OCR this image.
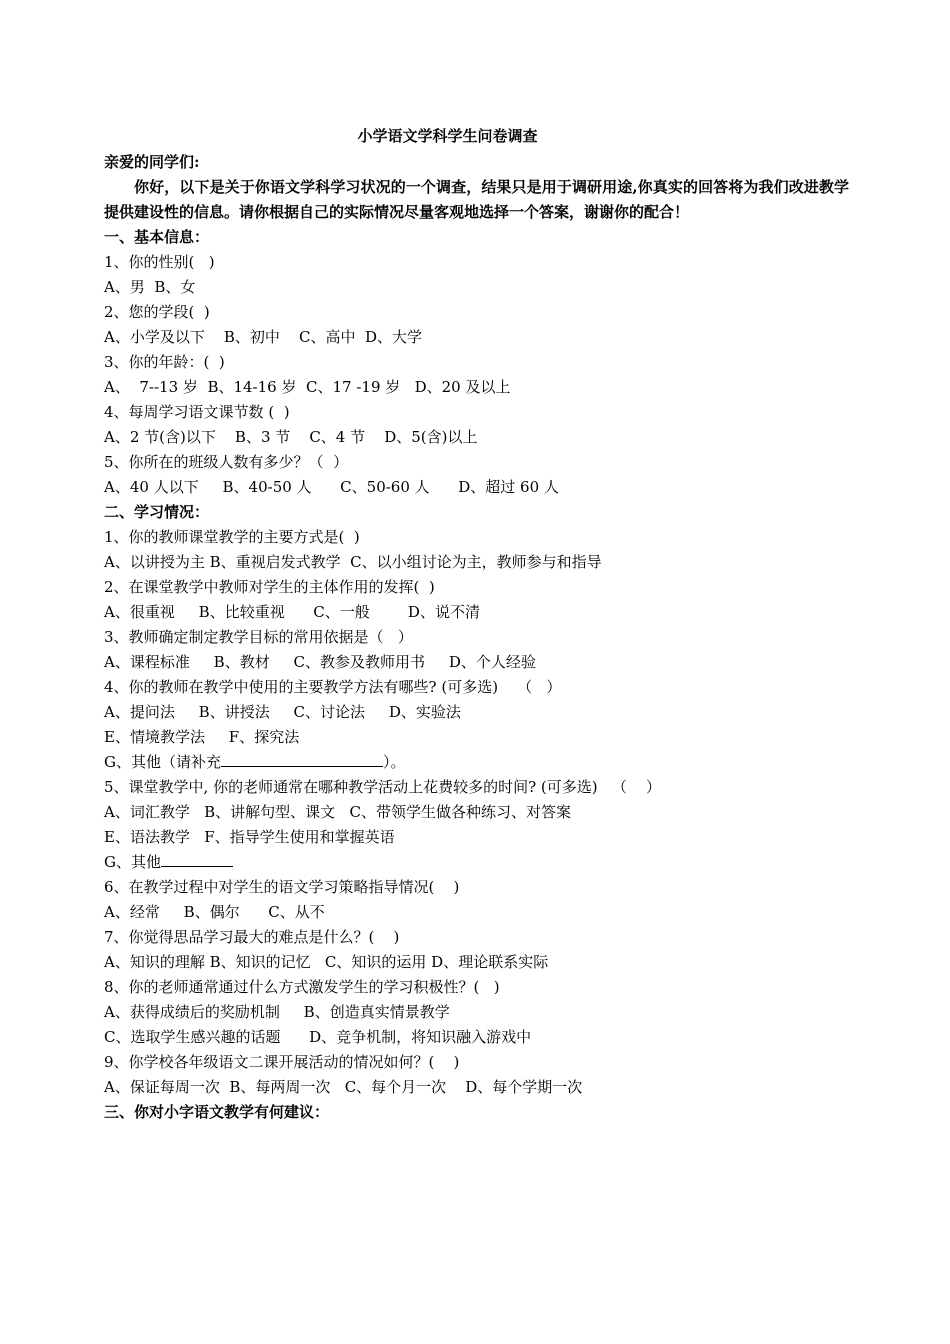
小学语文学科学生问卷调查
亲爱的同学们:
你好，以下是关于你语文学科学习状况的一个调查，结果只是用于调研用途,你真实的回答将为我们改进教学提供建设性的信息。请你根据自己的实际情况尽量客观地选择一个答案，谢谢你的配合！
一、基本信息：
1、你的性别(   )
A、男  B、女
2、您的学段(  )
A、小学及以下    B、初中    C、高中  D、大学
3、你的年龄：(  )
A、  7--13 岁  B、14-16 岁  C、17 -19 岁   D、20 及以上
4、每周学习语文课节数 (  )
A、2 节(含)以下    B、3 节    C、4 节    D、5(含)以上
5、你所在的班级人数有多少？（  ）
A、40 人以下     B、40-50 人      C、50-60 人      D、超过 60 人
二、学习情况：
1、你的教师课堂教学的主要方式是(  )
A、以讲授为主 B、重视启发式教学  C、以小组讨论为主，教师参与和指导
2、在课堂教学中教师对学生的主体作用的发挥(  )
A、很重视     B、比较重视      C、一般        D、说不清
3、教师确定制定教学目标的常用依据是（   ）
A、课程标准     B、教材     C、教参及教师用书     D、个人经验
4、你的教师在教学中使用的主要教学方法有哪些? (可多选)    （   ）
A、提问法     B、讲授法     C、讨论法     D、实验法
E、情境教学法     F、探究法
G、其他（请补充	）。
5、课堂教学中, 你的老师通常在哪种教学活动上花费较多的时间? (可多选)   （    ）
A、词汇教学   B、讲解句型、课文   C、带领学生做各种练习、对答案
E、语法教学   F、指导学生使用和掌握英语
G、其他
6、在教学过程中对学生的语文学习策略指导情况(    )
A、经常     B、偶尔      C、从不
7、你觉得思品学习最大的难点是什么？(    )
A、知识的理解 B、知识的记忆   C、知识的运用 D、理论联系实际
8、你的老师通常通过什么方式激发学生的学习积极性？(   )
A、获得成绩后的奖励机制     B、创造真实情景教学
C、选取学生感兴趣的话题      D、竞争机制，将知识融入游戏中
9、你学校各年级语文二课开展活动的情况如何？(    )
A、保证每周一次  B、每两周一次   C、每个月一次    D、每个学期一次
三、你对小字语文教学有何建议：
